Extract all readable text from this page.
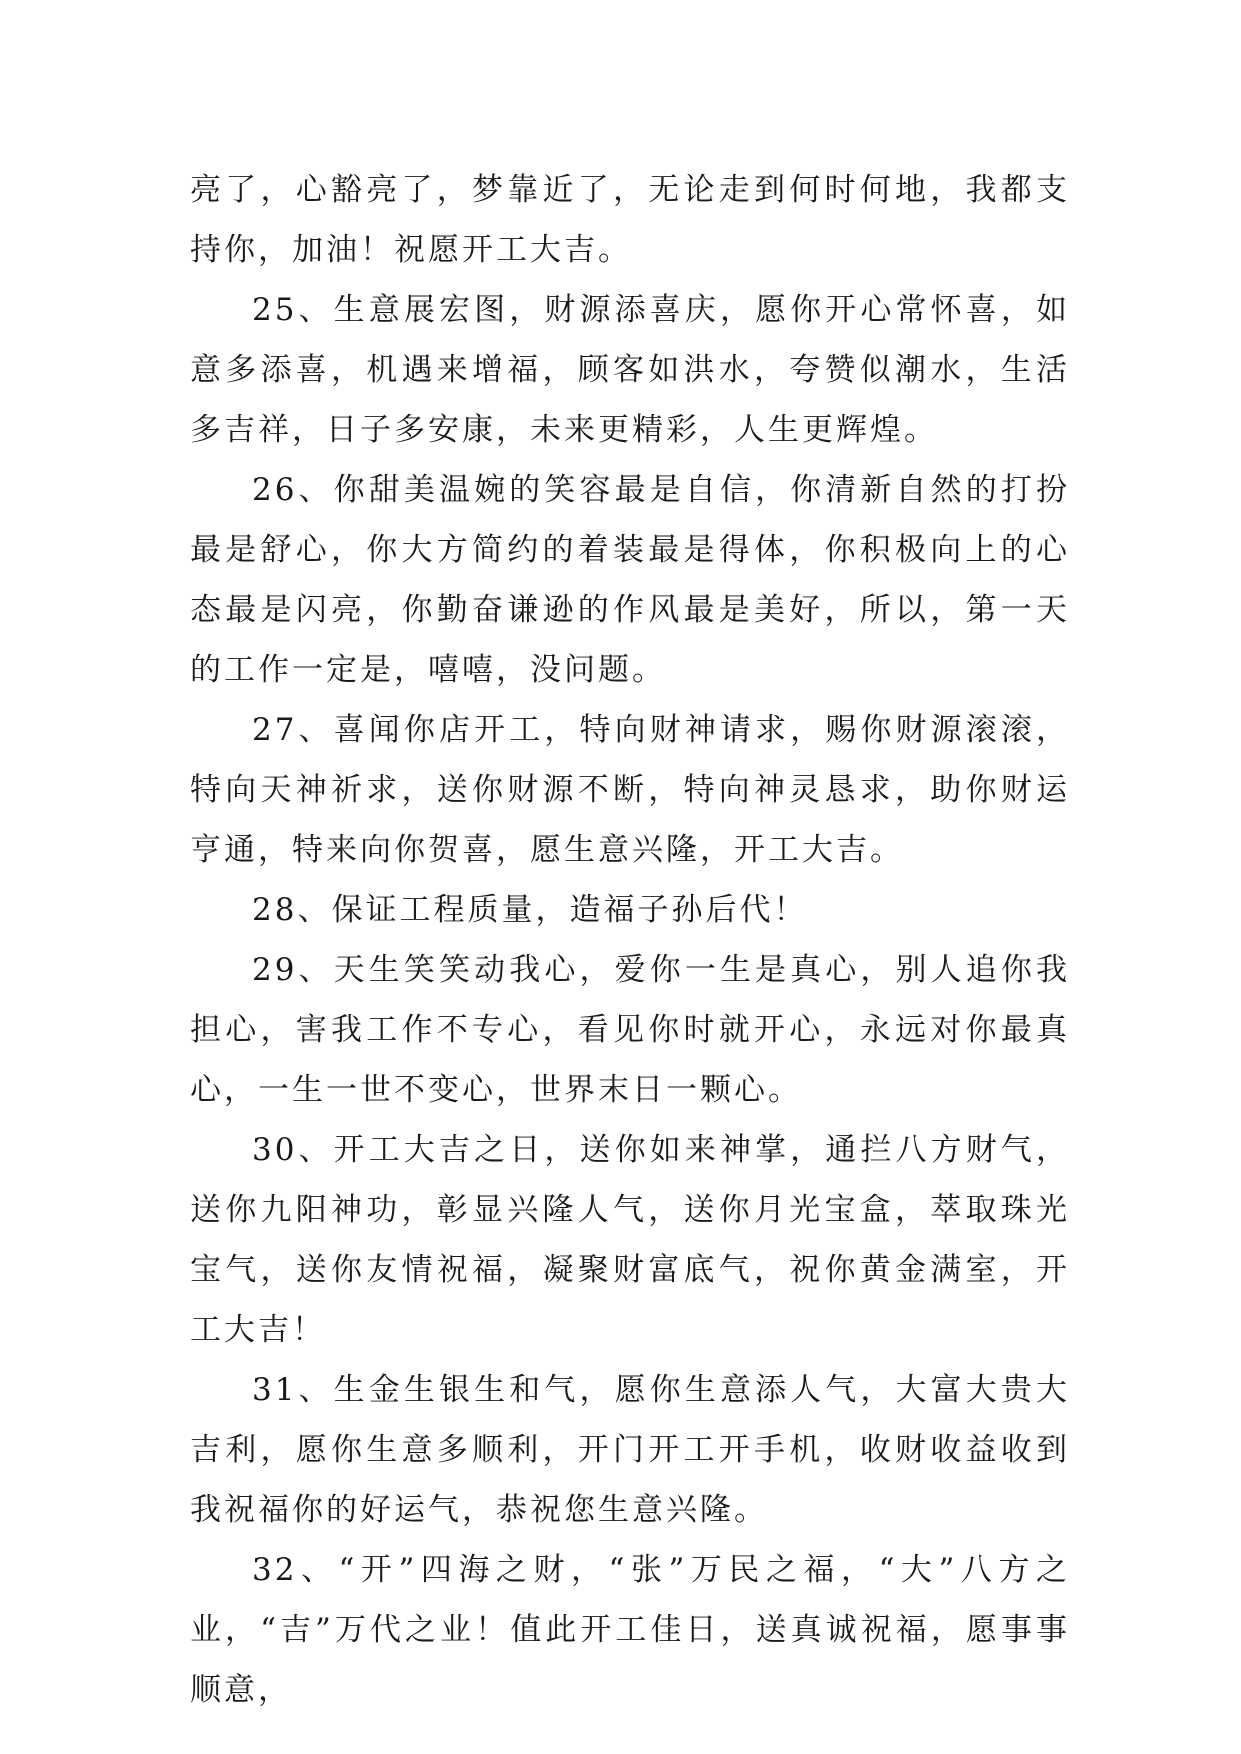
亮了，心豁亮了，梦靠近了，无论走到何时何地，我都支持你，加油！祝愿开工大吉。

25、生意展宏图，财源添喜庆，愿你开心常怀喜，如意多添喜，机遇来增福，顾客如洪水，夸赞似潮水，生活多吉祥，日子多安康，未来更精彩，人生更辉煌。

26、你甜美温婉的笑容最是自信，你清新自然的打扮最是舒心，你大方简约的着装最是得体，你积极向上的心态最是闪亮，你勤奋谦逊的作风最是美好，所以，第一天的工作一定是，嘻嘻，没问题。

27、喜闻你店开工，特向财神请求，赐你财源滚滚，特向天神祈求，送你财源不断，特向神灵恳求，助你财运亨通，特来向你贺喜，愿生意兴隆，开工大吉。

28、保证工程质量，造福子孙后代！

29、天生笑笑动我心，爱你一生是真心，别人追你我担心，害我工作不专心，看见你时就开心，永远对你最真心，一生一世不变心，世界末日一颗心。

30、开工大吉之日，送你如来神掌，通拦八方财气，送你九阳神功，彰显兴隆人气，送你月光宝盒，萃取珠光宝气，送你友情祝福，凝聚财富底气，祝你黄金满室，开工大吉！

31、生金生银生和气，愿你生意添人气，大富大贵大吉利，愿你生意多顺利，开门开工开手机，收财收益收到我祝福你的好运气，恭祝您生意兴隆。

32、“开”四海之财，“张”万民之福，“大”八方之业，“吉”万代之业！值此开工佳日，送真诚祝福，愿事事顺意，
